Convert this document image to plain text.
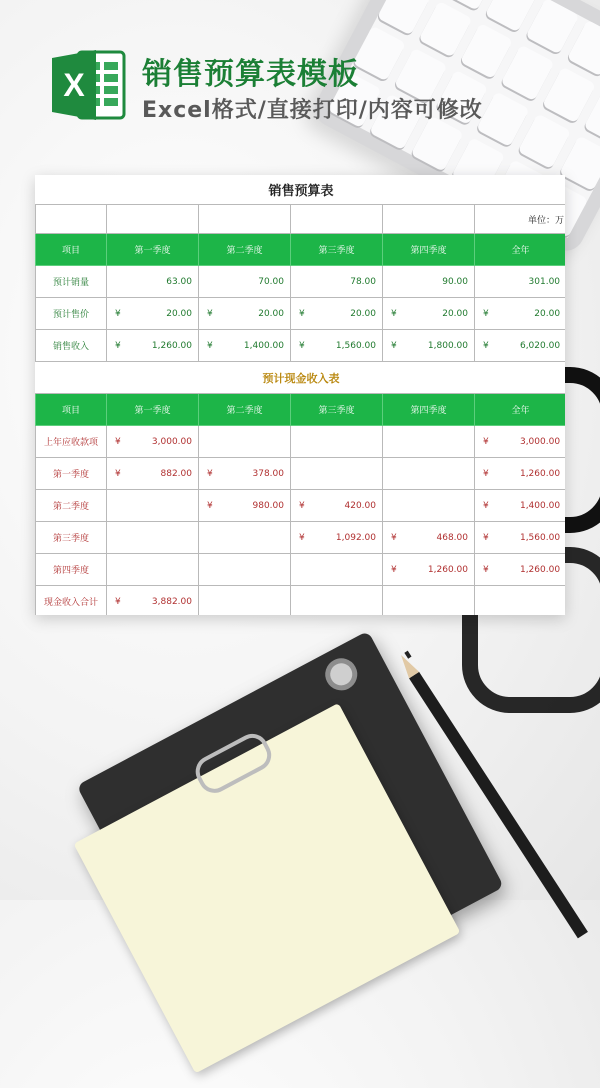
X 销售预算表模板
Excel格式/直接打印/内容可修改
销售预算表					
					单位：万
项目	第一季度	第二季度	第三季度	第四季度	全年
预计销量	63.00	70.00	78.00	90.00	301.00

预计售价	¥ 20.00	¥ 20.00	¥ 20.00	¥ 20.00	¥ 20.00

销售收入	¥ 1,260.00	¥ 1,400.00	¥ 1,560.00	¥ 1,800.00	¥ 6,020.00

预计现金收入表					
项目	第一季度	第二季度	第三季度	第四季度	全年
上年应收款项	¥ 3,000.00				¥ 3,000.00

第一季度	¥ 882.00	¥ 378.00			¥ 1,260.00

第二季度		¥ 980.00	¥ 420.00		¥ 1,400.00

第三季度			¥ 1,092.00	¥ 468.00	¥ 1,560.00

第四季度				¥ 1,260.00	¥ 1,260.00

现金收入合计	¥ 3,882.00				
